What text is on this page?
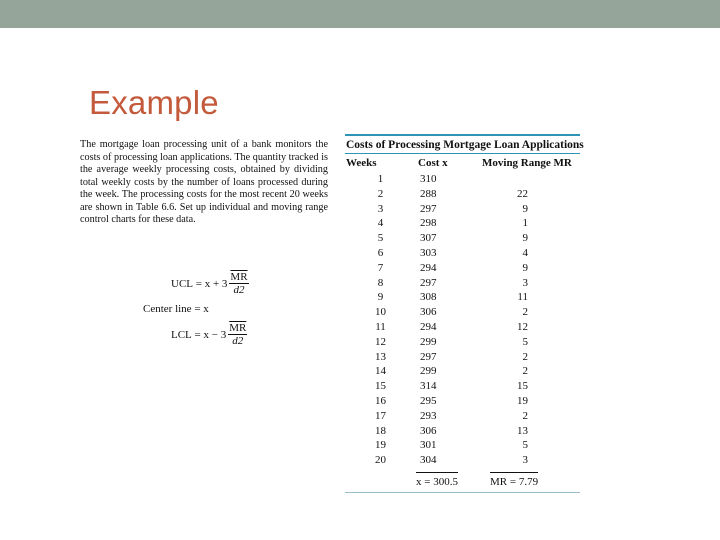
Example

The mortgage loan processing unit of a bank monitors the costs of processing loan applications. The quantity tracked is the average weekly processing costs, obtained by dividing total weekly costs by the number of loans processed during the week. The processing costs for the most recent 20 weeks are shown in Table 6.6. Set up individual and moving range control charts for these data.

UCL
= $x + 3 \frac{\overline{MR}}{d2}$
Center line
= x
LCL
= $x - 3 \frac{\overline{MR}}{d2}$
Costs of Processing Mortgage Loan Applications
Weeks	Cost x	Moving Range MR
1	310	
2	288	22
3	297	9
4	298	1
5	307	9
6	303	4
7	294	9
8	297	3
9	308	11
10	306	2
11	294	12
12	299	5
13	297	2
14	299	2
15	314	15
16	295	19
17	293	2
18	306	13
19	301	5
20	304	3
	x = 300.5	MR = 7.79
